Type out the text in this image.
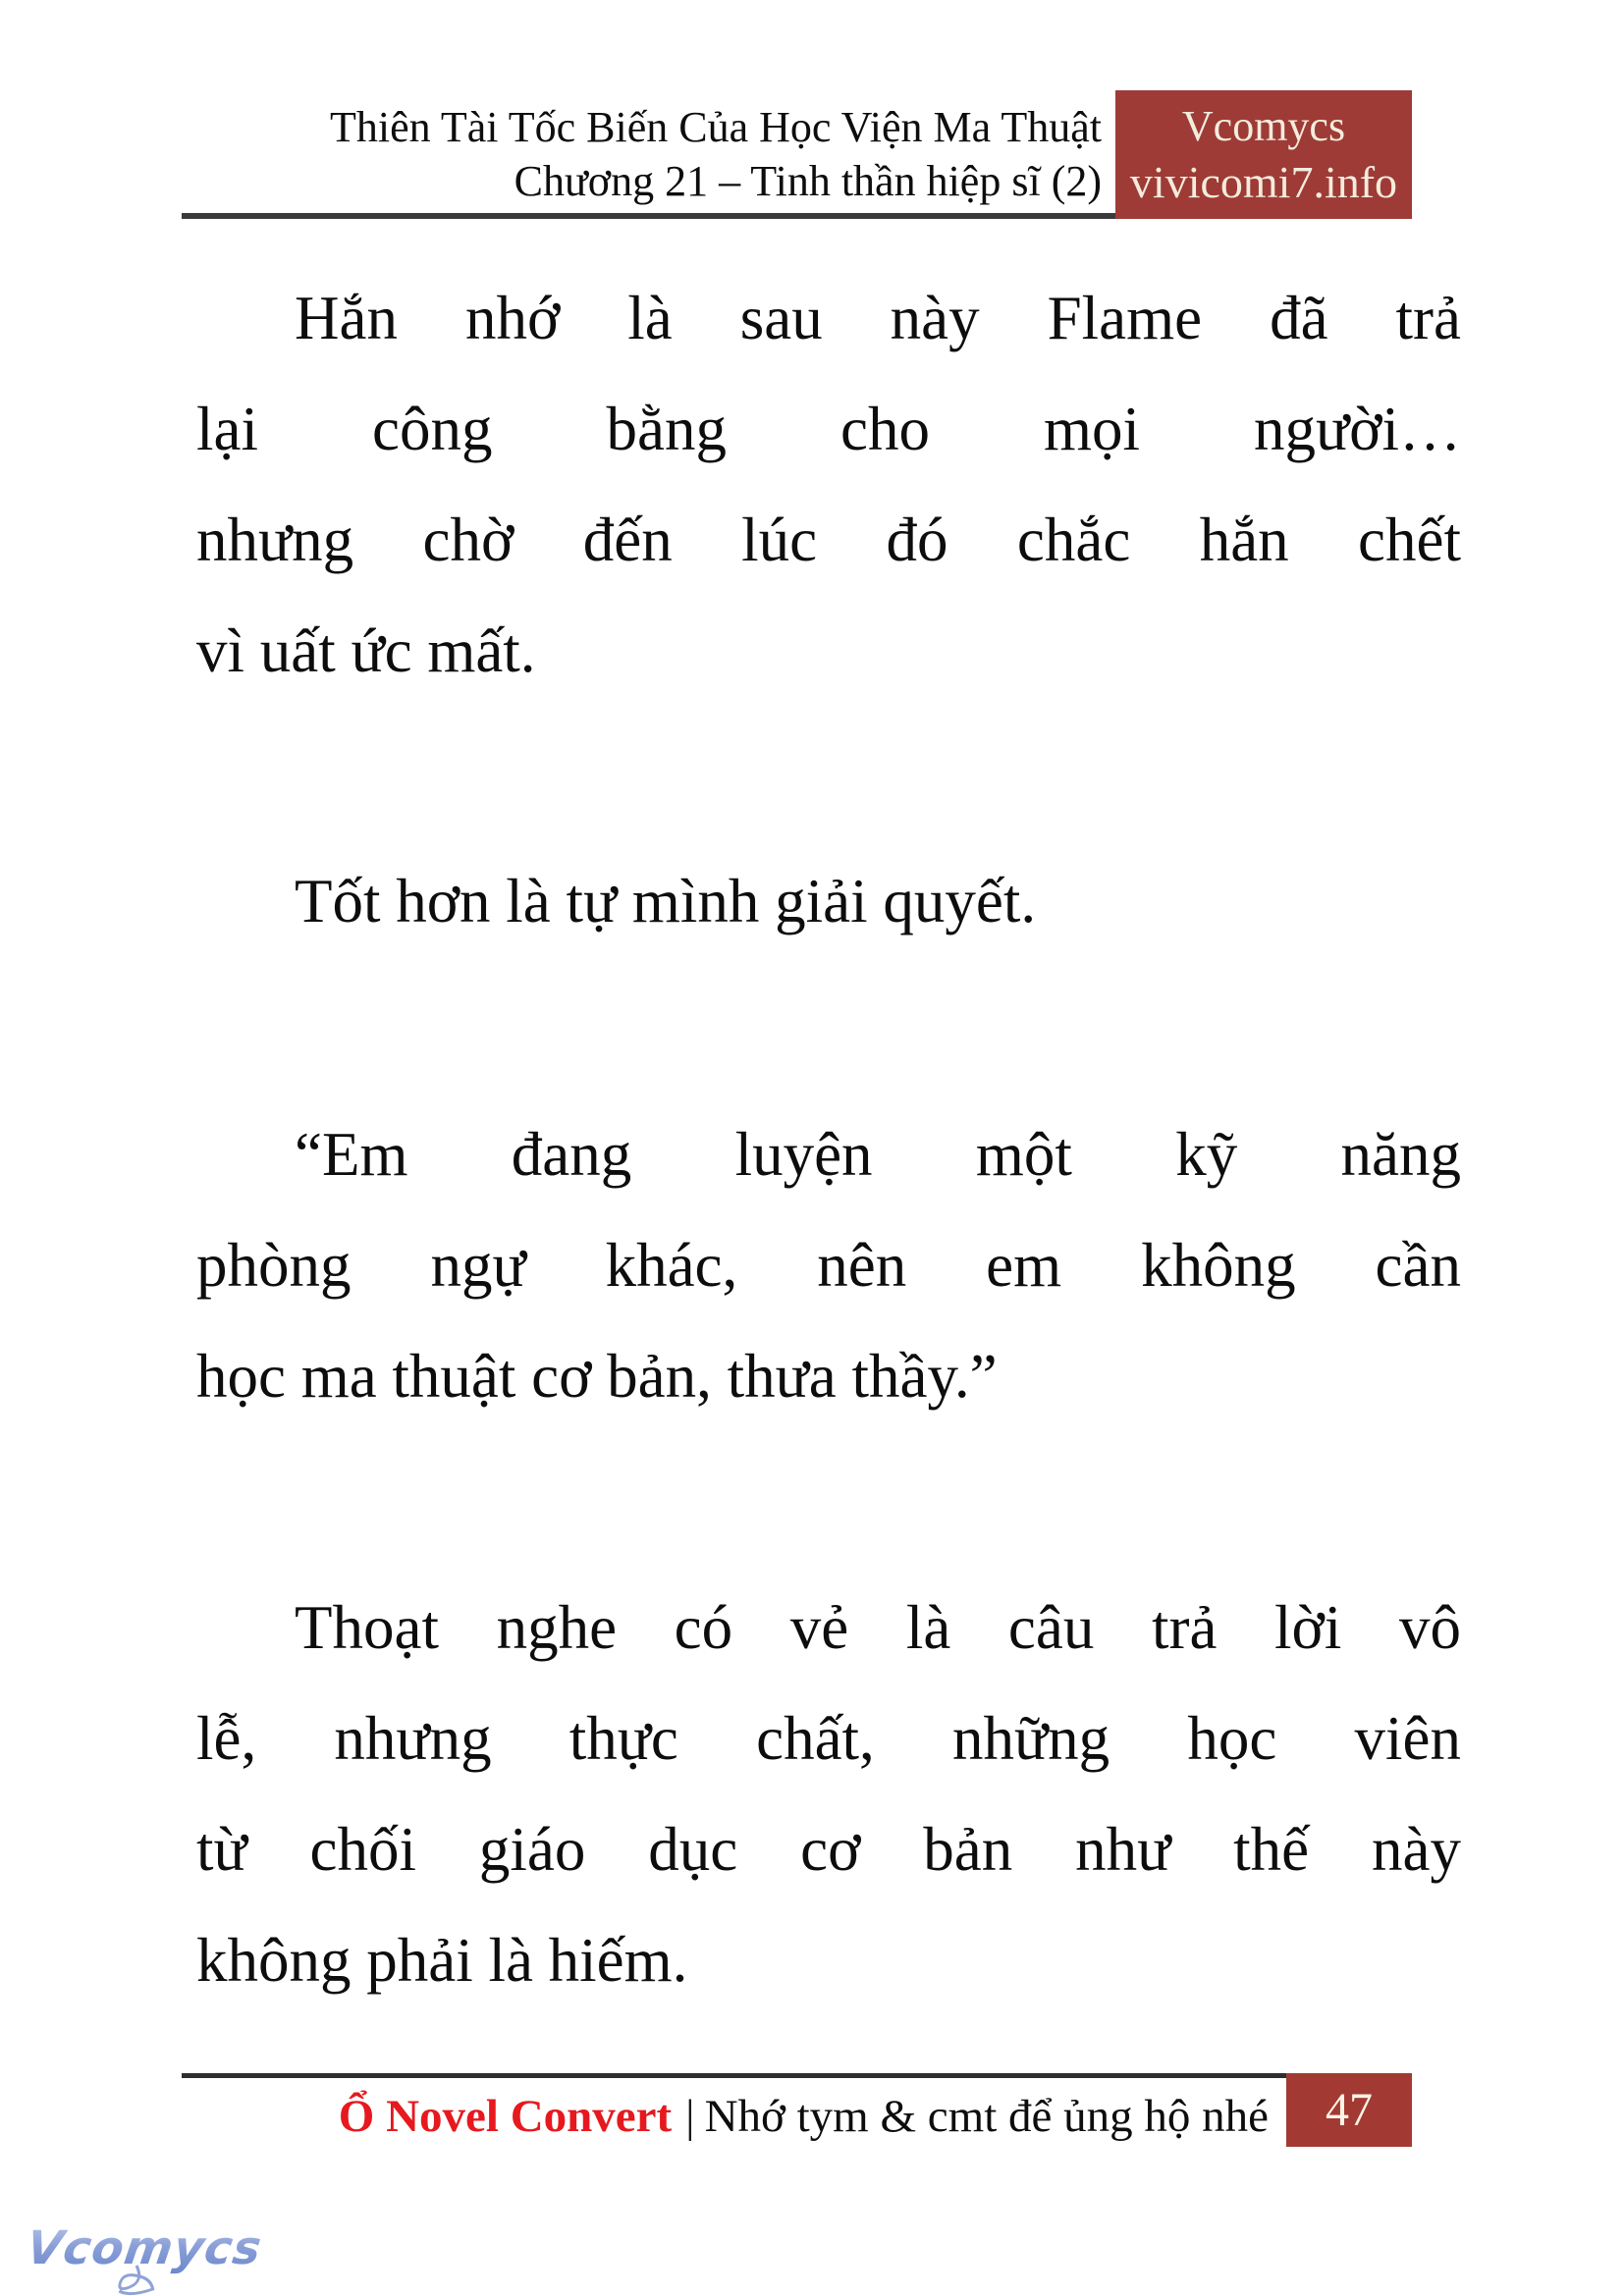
Thiên Tài Tốc Biến Của Học Viện Ma Thuật
Chương 21 – Tinh thần hiệp sĩ (2)
Vcomycs
vivicomi7.info
Hắn nhớ là sau này Flame đã trả
lại công bằng cho mọi người…
nhưng chờ đến lúc đó chắc hắn chết
vì uất ức mất.
Tốt hơn là tự mình giải quyết.
“Em đang luyện một kỹ năng
phòng ngự khác, nên em không cần
học ma thuật cơ bản, thưa thầy.”
Thoạt nghe có vẻ là câu trả lời vô
lễ, nhưng thực chất, những học viên
từ chối giáo dục cơ bản như thế này
không phải là hiếm.
Ổ Novel Convert | Nhớ tym & cmt để ủng hộ nhé	47
Vcomycs
